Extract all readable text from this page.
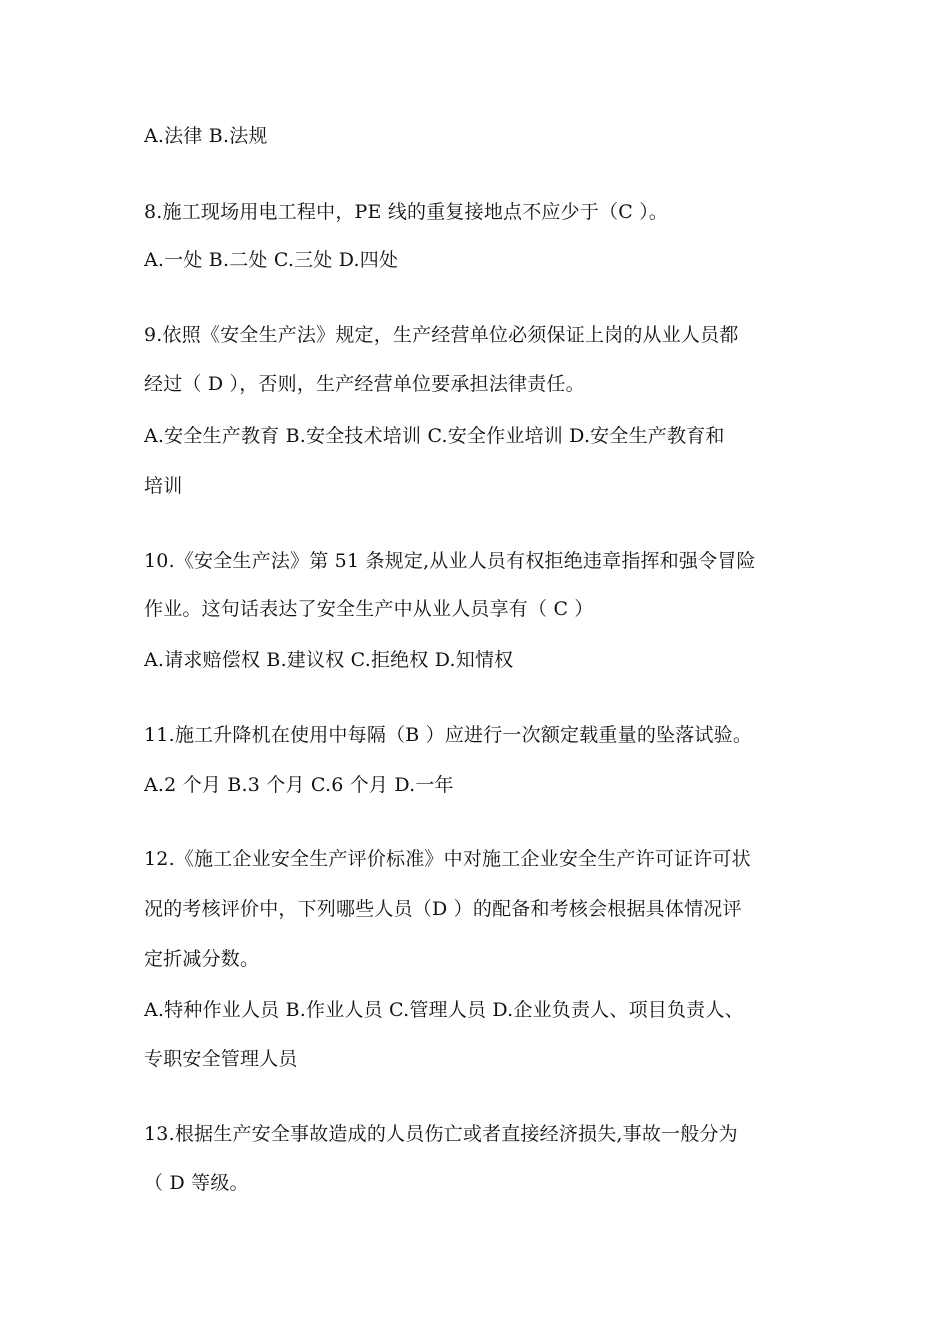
A.法律 B.法规
8.施工现场用电工程中，PE 线的重复接地点不应少于（C ）。
A.一处 B.二处 C.三处 D.四处
9.依照《安全生产法》规定，生产经营单位必须保证上岗的从业人员都
经过（ D ），否则，生产经营单位要承担法律责任。
A.安全生产教育 B.安全技术培训 C.安全作业培训 D.安全生产教育和
培训
10.《安全生产法》第 51 条规定,从业人员有权拒绝违章指挥和强令冒险
作业。这句话表达了安全生产中从业人员享有（ C ）
A.请求赔偿权 B.建议权 C.拒绝权 D.知情权
11.施工升降机在使用中每隔（B ）应进行一次额定载重量的坠落试验。
A.2 个月 B.3 个月 C.6 个月 D.一年
12.《施工企业安全生产评价标准》中对施工企业安全生产许可证许可状
况的考核评价中，下列哪些人员（D ）的配备和考核会根据具体情况评
定折减分数。
A.特种作业人员 B.作业人员 C.管理人员 D.企业负责人、项目负责人、
专职安全管理人员
13.根据生产安全事故造成的人员伤亡或者直接经济损失,事故一般分为
（ D 等级。
